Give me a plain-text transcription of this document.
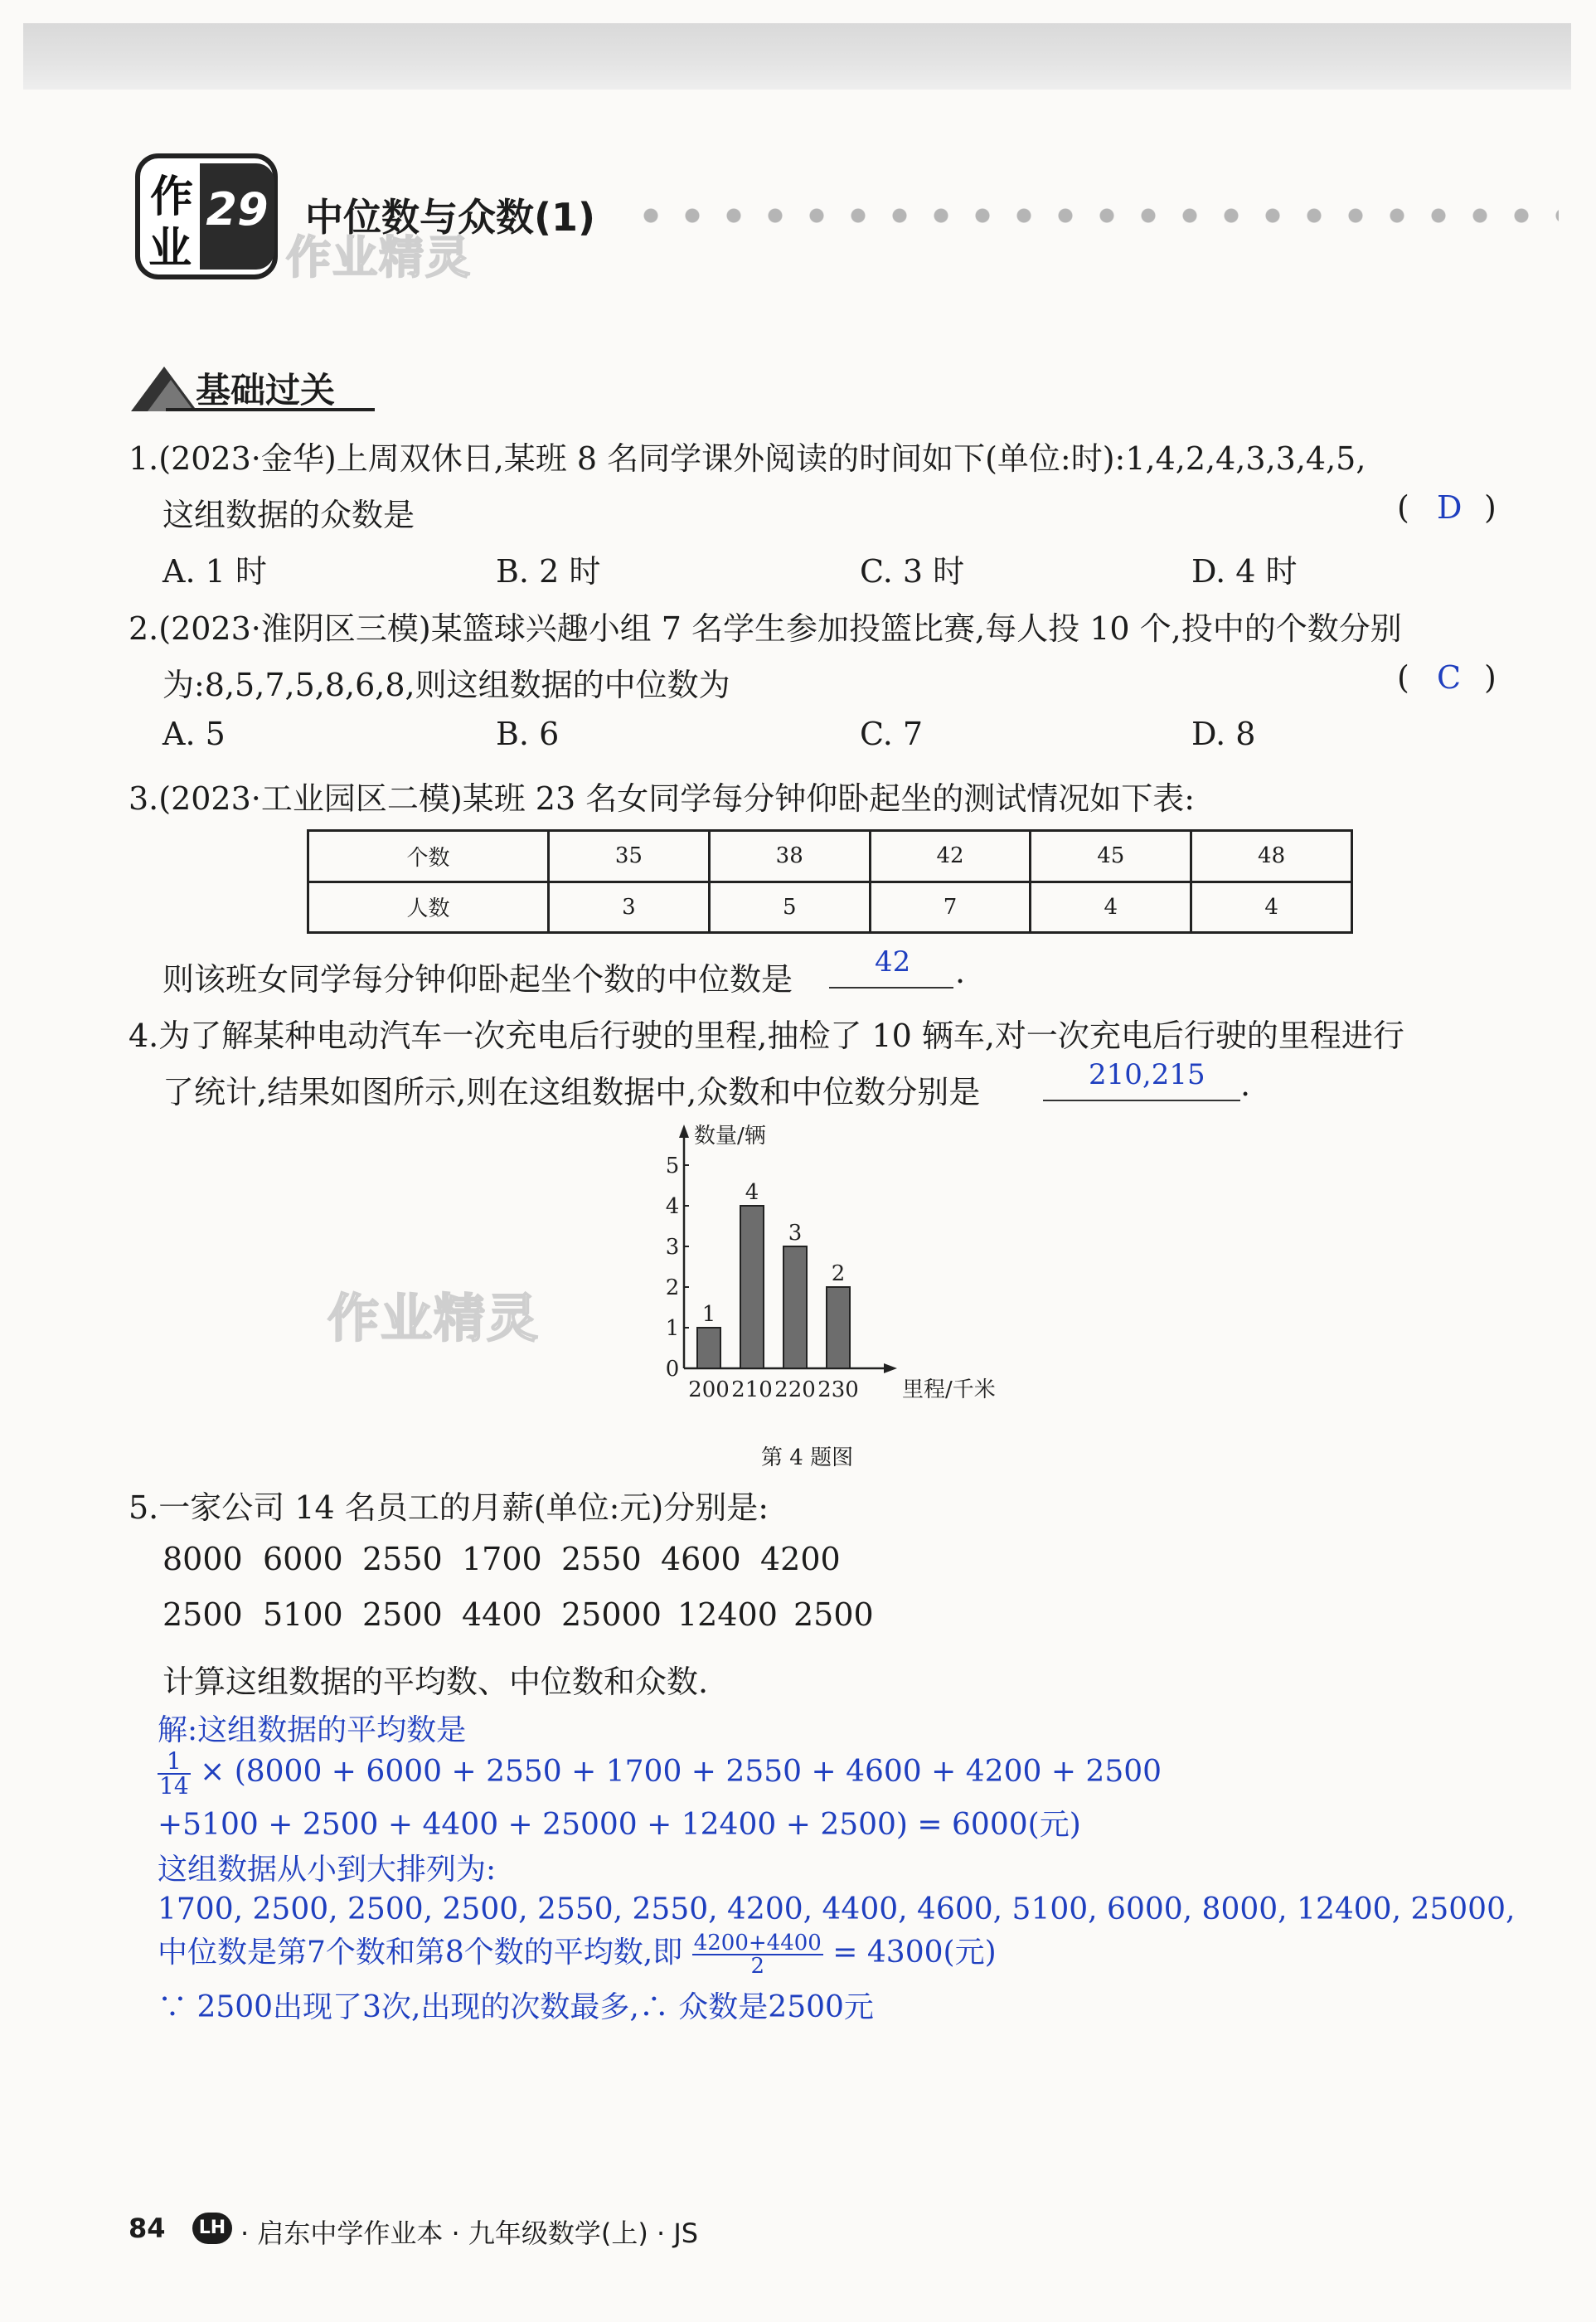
作
业
29 中位数与众数(1)
作业精灵
基础过关
1.(2023·金华)上周双休日,某班 8 名同学课外阅读的时间如下(单位:时):1,4,2,4,3,3,4,5,
这组数据的众数是	( D )
A. 1 时	B. 2 时	C. 3 时	D. 4 时
2.(2023·淮阴区三模)某篮球兴趣小组 7 名学生参加投篮比赛,每人投 10 个,投中的个数分别
为:8,5,7,5,8,6,8,则这组数据的中位数为	( C )
A. 5	B. 6	C. 7	D. 8
3.(2023·工业园区二模)某班 23 名女同学每分钟仰卧起坐的测试情况如下表:
个数	35	38	42	45	48
人数	3	5	7	4	4
则该班女同学每分钟仰卧起坐个数的中位数是	42 .
4.为了解某种电动汽车一次充电后行驶的里程,抽检了 10 辆车,对一次充电后行驶的里程进行
了统计,结果如图所示,则在这组数据中,众数和中位数分别是	210,215 .
作业精灵
0
1
2
3
4
5
数量/辆
1
200
4
210
3
220
2
230 里程/千米
第 4 题图
5.一家公司 14 名员工的月薪(单位:元)分别是:
8000 6000 2550 1700 2550 4600 4200
2500 5100 2500 4400 25000 12400 2500
计算这组数据的平均数、中位数和众数.
解:这组数据的平均数是
$\frac{1}{14} \times (8000 + 6000 + 2550 + 1700 + 2550 + 4600 + 4200 + 2500$
+5100 + 2500 + 4400 + 25000 + 12400 + 2500) = 6000(元)
这组数据从小到大排列为:
1700, 2500, 2500, 2500, 2550, 2550, 4200, 4400, 4600, 5100, 6000, 8000, 12400, 25000,
中位数是第7个数和第8个数的平均数,即 $\frac{4200+4400}{2} = 4300$(元)
∵ 2500出现了3次,出现的次数最多,∴ 众数是2500元
84	LH · 启东中学作业本 · 九年级数学(上) · JS
